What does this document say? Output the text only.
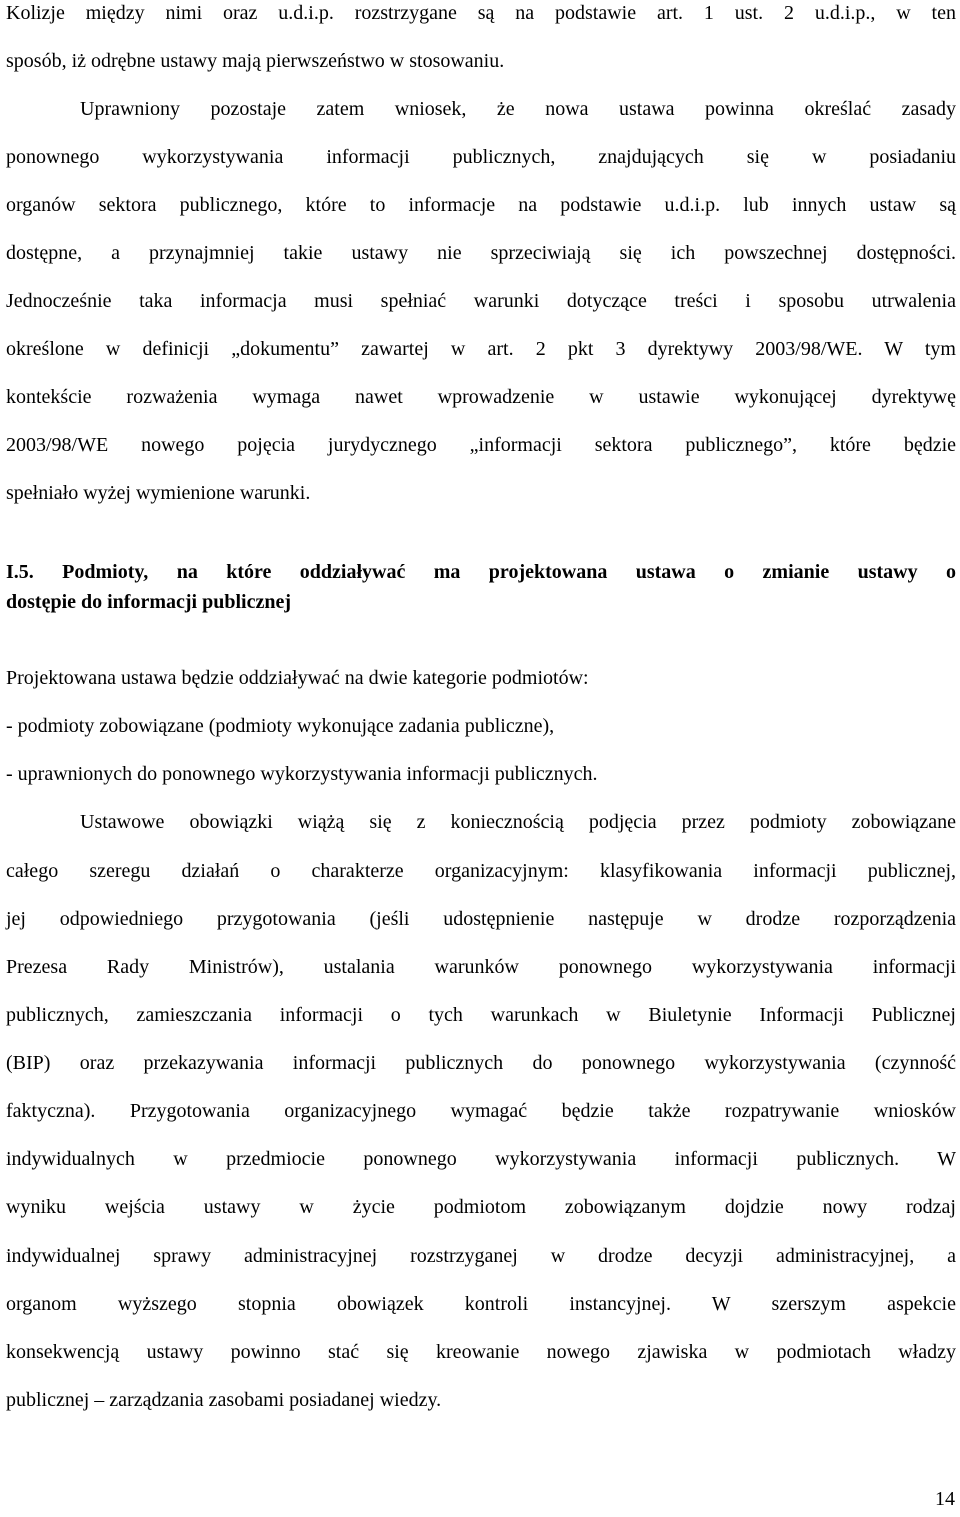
Kolizje między nimi oraz u.d.i.p. rozstrzygane są na podstawie art. 1 ust. 2 u.d.i.p., w ten
sposób, iż odrębne ustawy mają pierwszeństwo w stosowaniu.
Uprawniony pozostaje zatem wniosek, że nowa ustawa powinna określać zasady
ponownego wykorzystywania informacji publicznych, znajdujących się w posiadaniu
organów sektora publicznego, które to informacje na podstawie u.d.i.p. lub innych ustaw są
dostępne, a przynajmniej takie ustawy nie sprzeciwiają się ich powszechnej dostępności.
Jednocześnie taka informacja musi spełniać warunki dotyczące treści i sposobu utrwalenia
określone w definicji „dokumentu” zawartej w art. 2 pkt 3 dyrektywy 2003/98/WE. W tym
kontekście rozważenia wymaga nawet wprowadzenie w ustawie wykonującej dyrektywę
2003/98/WE nowego pojęcia jurydycznego „informacji sektora publicznego”, które będzie
spełniało wyżej wymienione warunki.
I.5. Podmioty, na które oddziaływać ma projektowana ustawa o zmianie ustawy o
dostępie do informacji publicznej
Projektowana ustawa będzie oddziaływać na dwie kategorie podmiotów:
- podmioty zobowiązane (podmioty wykonujące zadania publiczne),
- uprawnionych do ponownego wykorzystywania informacji publicznych.
Ustawowe obowiązki wiążą się z koniecznością podjęcia przez podmioty zobowiązane
całego szeregu działań o charakterze organizacyjnym: klasyfikowania informacji publicznej,
jej odpowiedniego przygotowania (jeśli udostępnienie następuje w drodze rozporządzenia
Prezesa Rady Ministrów), ustalania warunków ponownego wykorzystywania informacji
publicznych, zamieszczania informacji o tych warunkach w Biuletynie Informacji Publicznej
(BIP) oraz przekazywania informacji publicznych do ponownego wykorzystywania (czynność
faktyczna). Przygotowania organizacyjnego wymagać będzie także rozpatrywanie wniosków
indywidualnych w przedmiocie ponownego wykorzystywania informacji publicznych. W
wyniku wejścia ustawy w życie podmiotom zobowiązanym dojdzie nowy rodzaj
indywidualnej sprawy administracyjnej rozstrzyganej w drodze decyzji administracyjnej, a
organom wyższego stopnia obowiązek kontroli instancyjnej. W szerszym aspekcie
konsekwencją ustawy powinno stać się kreowanie nowego zjawiska w podmiotach władzy
publicznej – zarządzania zasobami posiadanej wiedzy.
14
